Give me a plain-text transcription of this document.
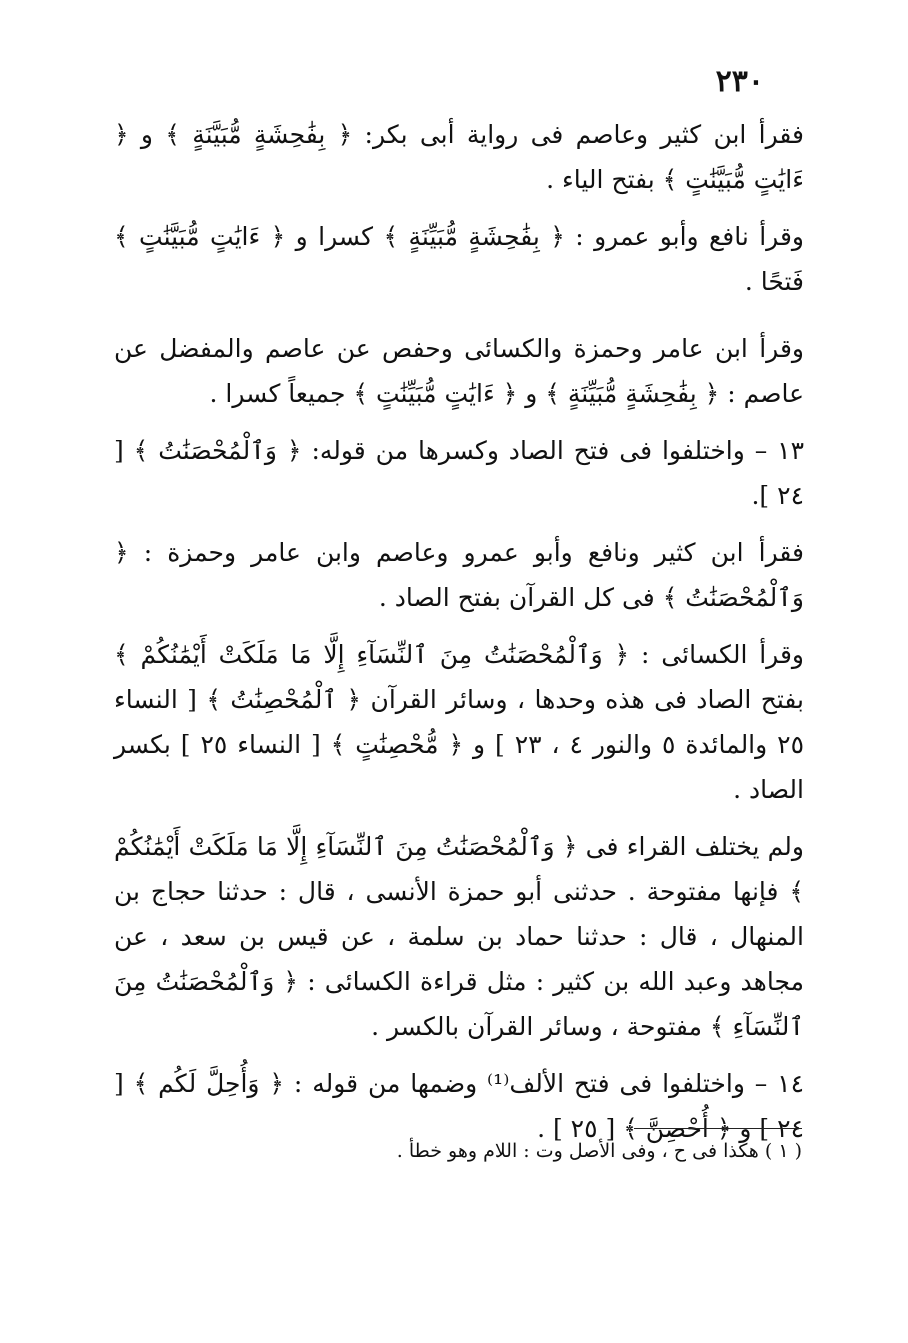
٢٣٠

فقرأ ابن كثير وعاصم فى رواية أبى بكر: ﴿ بِفَٰحِشَةٍ مُّبَيَّنَةٍ ﴾ و ﴿ ءَايَٰتٍ مُّبَيَّنَٰتٍ ﴾ بفتح الياء .

وقرأ نافع وأبو عمرو : ﴿ بِفَٰحِشَةٍ مُّبَيِّنَةٍ ﴾ كسرا و ﴿ ءَايَٰتٍ مُّبَيَّنَٰتٍ ﴾ فَتحًا .

وقرأ ابن عامر وحمزة والكسائى وحفص عن عاصم والمفضل عن عاصم : ﴿ بِفَٰحِشَةٍ مُّبَيِّنَةٍ ﴾ و ﴿ ءَايَٰتٍ مُّبَيِّنَٰتٍ ﴾ جميعاً كسرا .

١٣ – واختلفوا فى فتح الصاد وكسرها من قوله: ﴿ وَٱلْمُحْصَنَٰتُ ﴾ [ ٢٤ ].

فقرأ ابن كثير ونافع وأبو عمرو وعاصم وابن عامر وحمزة : ﴿ وَٱلْمُحْصَنَٰتُ ﴾ فى كل القرآن بفتح الصاد .

وقرأ الكسائى : ﴿ وَٱلْمُحْصَنَٰتُ مِنَ ٱلنِّسَآءِ إِلَّا مَا مَلَكَتْ أَيْمَٰنُكُمْ ﴾ بفتح الصاد فى هذه وحدها ، وسائر القرآن ﴿ ٱلْمُحْصِنَٰتُ ﴾ [ النساء ٢٥ والمائدة ٥ والنور ٤ ، ٢٣ ] و ﴿ مُّحْصِنَٰتٍ ﴾ [ النساء ٢٥ ] بكسر الصاد .

ولم يختلف القراء فى ﴿ وَٱلْمُحْصَنَٰتُ مِنَ ٱلنِّسَآءِ إِلَّا مَا مَلَكَتْ أَيْمَٰنُكُمْ ﴾ فإنها مفتوحة . حدثنى أبو حمزة الأنسى ، قال : حدثنا حجاج بن المنهال ، قال : حدثنا حماد بن سلمة ، عن قيس بن سعد ، عن مجاهد وعبد الله بن كثير : مثل قراءة الكسائى : ﴿ وَٱلْمُحْصَنَٰتُ مِنَ ٱلنِّسَآءِ ﴾ مفتوحة ، وسائر القرآن بالكسر .

١٤ – واختلفوا فى فتح الألف⁽¹⁾ وضمها من قوله : ﴿ وَأُحِلَّ لَكُم ﴾ [ ٢٤ ] و ﴿ أُحْصِنَّ ﴾ [ ٢٥ ] .

( ١ ) هكذا فى ح ، وفى الأصل وت : اللام وهو خطأ .
